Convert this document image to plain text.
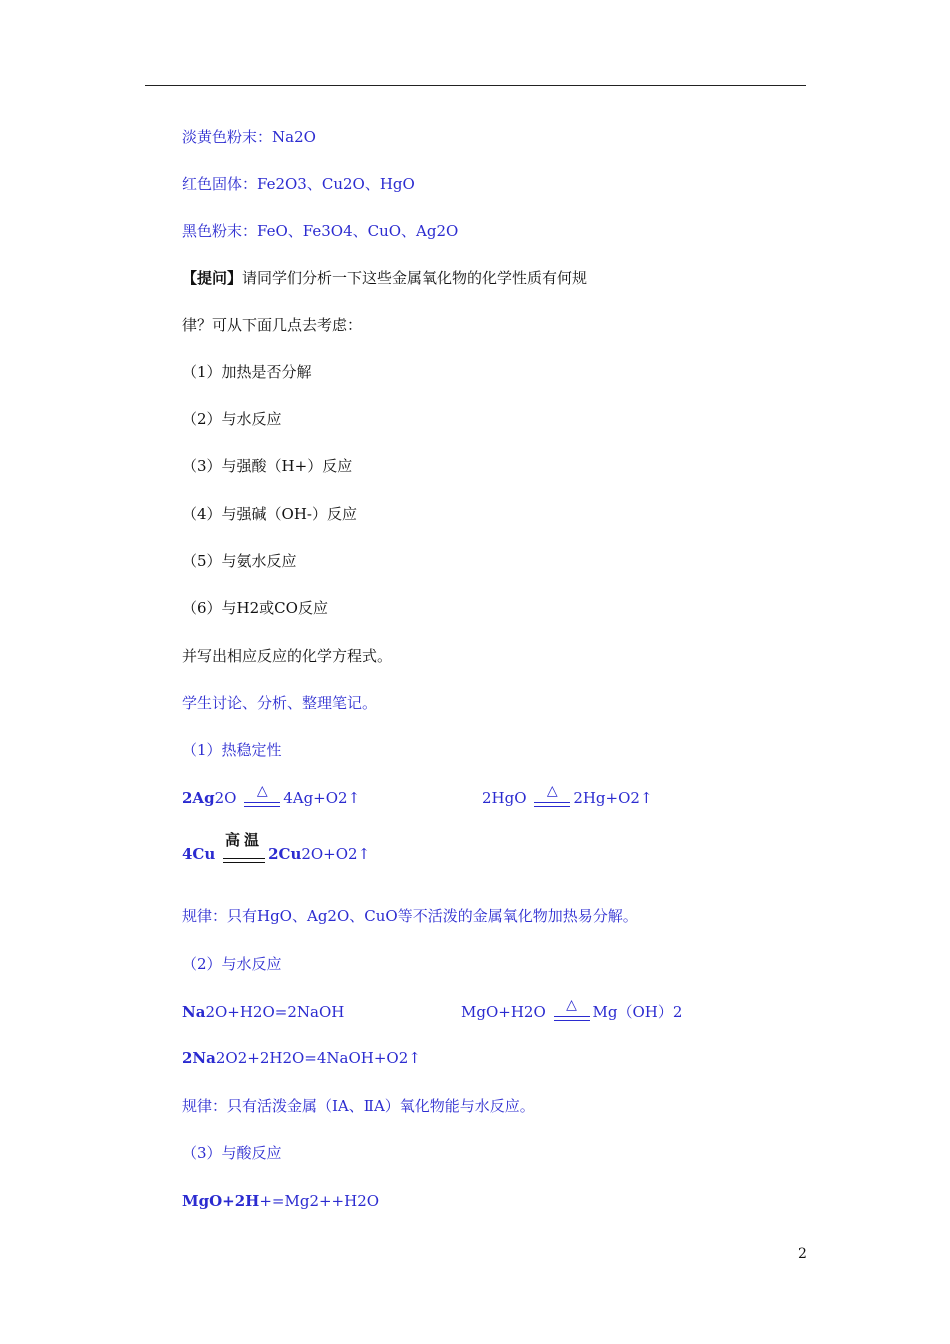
淡黄色粉末：Na2O
红色固体：Fe2O3、Cu2O、HgO
黑色粉末：FeO、Fe3O4、CuO、Ag2O
【提问】请同学们分析一下这些金属氧化物的化学性质有何规
律？可从下面几点去考虑：
（1）加热是否分解
（2）与水反应
（3）与强酸（H+）反应
（4）与强碱（OH-）反应
（5）与氨水反应
（6）与H2或CO反应
并写出相应反应的化学方程式。
学生讨论、分析、整理笔记。
（1）热稳定性
2Ag2O	△	4Ag+O2↑	2HgO	△	2Hg+O2↑
4Cu
高温
2Cu2O+O2↑
规律：只有HgO、Ag2O、CuO等不活泼的金属氧化物加热易分解。
（2）与水反应
Na2O+H2O=2NaOH	MgO+H2O	△	Mg（OH）2
2Na2O2+2H2O=4NaOH+O2↑
规律：只有活泼金属（ⅠA、ⅡA）氧化物能与水反应。
（3）与酸反应
MgO+2H+=Mg2++H2O
2
